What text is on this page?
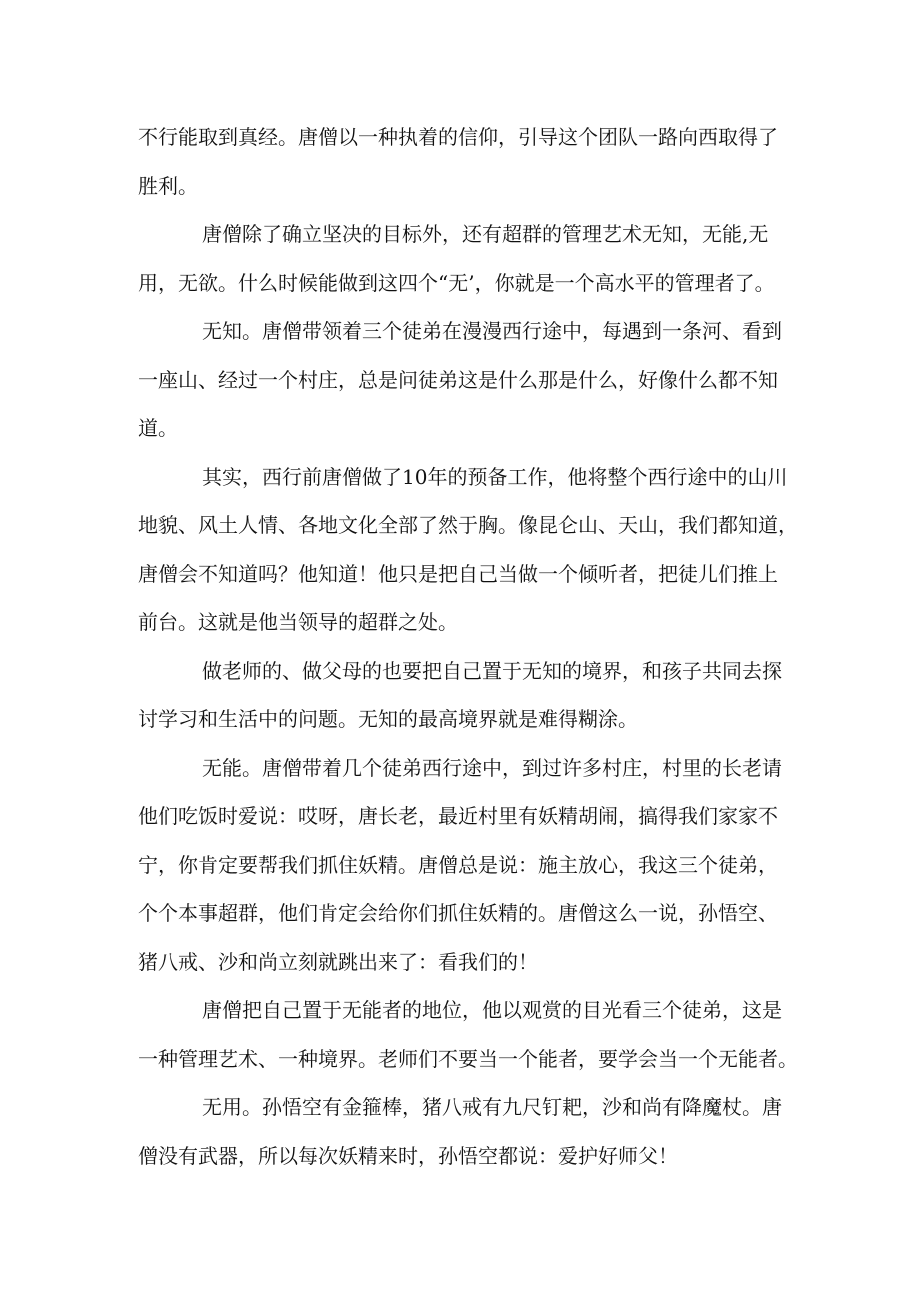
不行能取到真经。唐僧以一种执着的信仰，引导这个团队一路向西取得了
胜利。
唐僧除了确立坚决的目标外，还有超群的管理艺术无知，无能,无
用，无欲。什么时候能做到这四个“无’，你就是一个高水平的管理者了。
无知。唐僧带领着三个徒弟在漫漫西行途中，每遇到一条河、看到
一座山、经过一个村庄，总是问徒弟这是什么那是什么，好像什么都不知
道。
其实，西行前唐僧做了10年的预备工作，他将整个西行途中的山川
地貌、风土人情、各地文化全部了然于胸。像昆仑山、天山，我们都知道，
唐僧会不知道吗？他知道！他只是把自己当做一个倾听者，把徒儿们推上
前台。这就是他当领导的超群之处。
做老师的、做父母的也要把自己置于无知的境界，和孩子共同去探
讨学习和生活中的问题。无知的最高境界就是难得糊涂。
无能。唐僧带着几个徒弟西行途中，到过许多村庄，村里的长老请
他们吃饭时爱说：哎呀，唐长老，最近村里有妖精胡闹，搞得我们家家不
宁，你肯定要帮我们抓住妖精。唐僧总是说：施主放心，我这三个徒弟，
个个本事超群，他们肯定会给你们抓住妖精的。唐僧这么一说，孙悟空、
猪八戒、沙和尚立刻就跳出来了：看我们的！
唐僧把自己置于无能者的地位，他以观赏的目光看三个徒弟，这是
一种管理艺术、一种境界。老师们不要当一个能者，要学会当一个无能者。
无用。孙悟空有金箍棒，猪八戒有九尺钉耙，沙和尚有降魔杖。唐
僧没有武器，所以每次妖精来时，孙悟空都说：爱护好师父！
